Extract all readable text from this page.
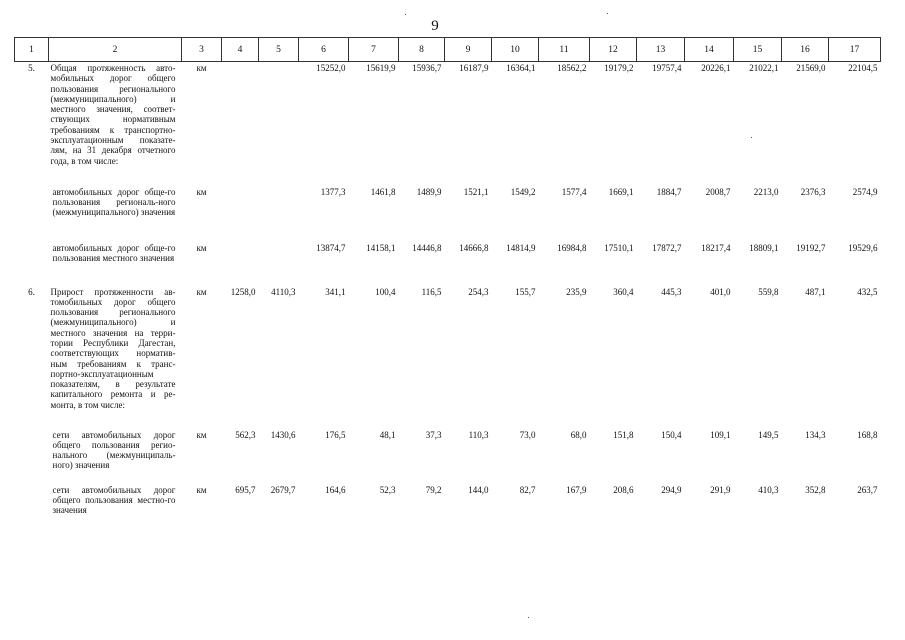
9
1	2	3	4	5	6	7	8	9	10	11	12	13	14	15	16	17
5.	Общая протяженность авто-мобильных дорог общего пользования регионального (межмуниципального) и местного значения, соответ-ствующих нормативным требованиям к транспортно-эксплуатационным показате-лям, на 31 декабря отчетного года, в том числе:	км			15252,0	15619,9	15936,7	16187,9	16364,1	18562,2	19179,2	19757,4	20226,1	21022,1	21569,0	22104,5
	автомобильных дорог обще-го пользования региональ-ного (межмуниципального) значения	км			1377,3	1461,8	1489,9	1521,1	1549,2	1577,4	1669,1	1884,7	2008,7	2213,0	2376,3	2574,9
	автомобильных дорог обще-го пользования местного значения	км			13874,7	14158,1	14446,8	14666,8	14814,9	16984,8	17510,1	17872,7	18217,4	18809,1	19192,7	19529,6
6.	Прирост протяженности ав-томобильных дорог общего пользования регионального (межмуниципального) и местного значения на терри-тории Республики Дагестан, соответствующих норматив-ным требованиям к транс-портно-эксплуатационным показателям, в результате капитального ремонта и ре-монта, в том числе:	км	1258,0	4110,3	341,1	100,4	116,5	254,3	155,7	235,9	360,4	445,3	401,0	559,8	487,1	432,5
	сети автомобильных дорог общего пользования регио-нального (межмуниципаль-ного) значения	км	562,3	1430,6	176,5	48,1	37,3	110,3	73,0	68,0	151,8	150,4	109,1	149,5	134,3	168,8
	сети автомобильных дорог общего пользования местно-го значения	км	695,7	2679,7	164,6	52,3	79,2	144,0	82,7	167,9	208,6	294,9	291,9	410,3	352,8	263,7
